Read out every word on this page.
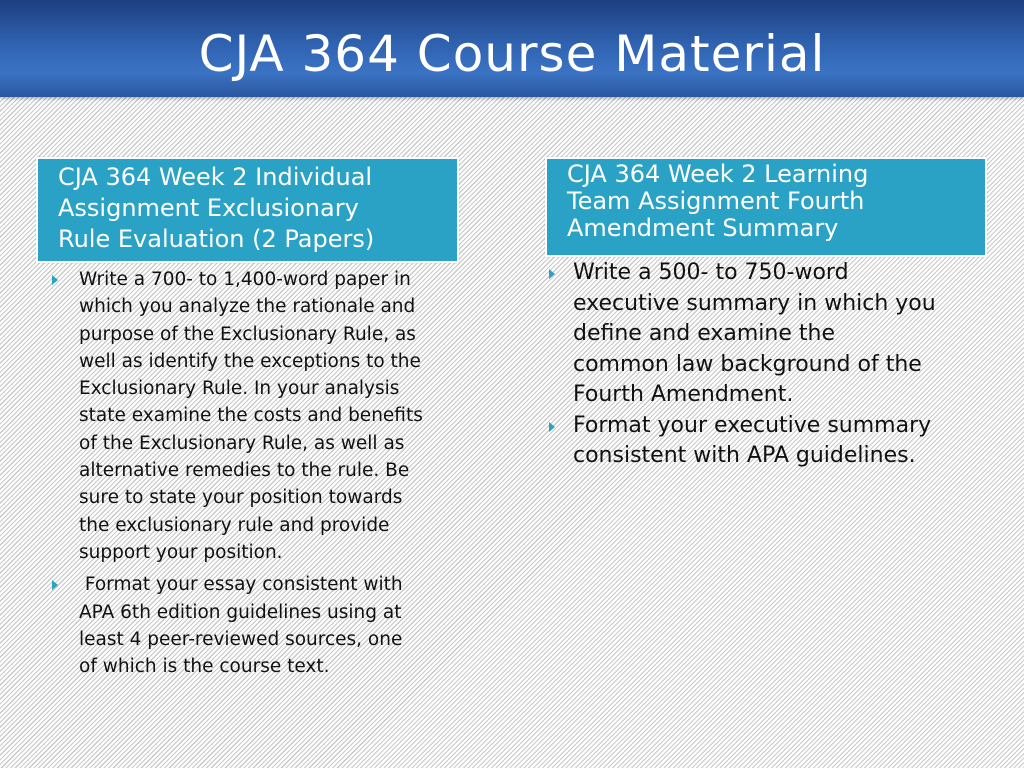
CJA 364 Course Material
CJA 364 Week 2 Individual
Assignment Exclusionary
Rule Evaluation (2 Papers)
CJA 364 Week 2 Learning
Team Assignment Fourth
Amendment Summary
Write a 700- to 1,400-word paper in
which you analyze the rationale and
purpose of the Exclusionary Rule, as
well as identify the exceptions to the
Exclusionary Rule. In your analysis
state examine the costs and benefits
of the Exclusionary Rule, as well as
alternative remedies to the rule. Be
sure to state your position towards
the exclusionary rule and provide
support your position.
Format your essay consistent with
APA 6th edition guidelines using at
least 4 peer-reviewed sources, one
of which is the course text.
Write a 500- to 750-word
executive summary in which you
define and examine the
common law background of the
Fourth Amendment.
Format your executive summary
consistent with APA guidelines.
